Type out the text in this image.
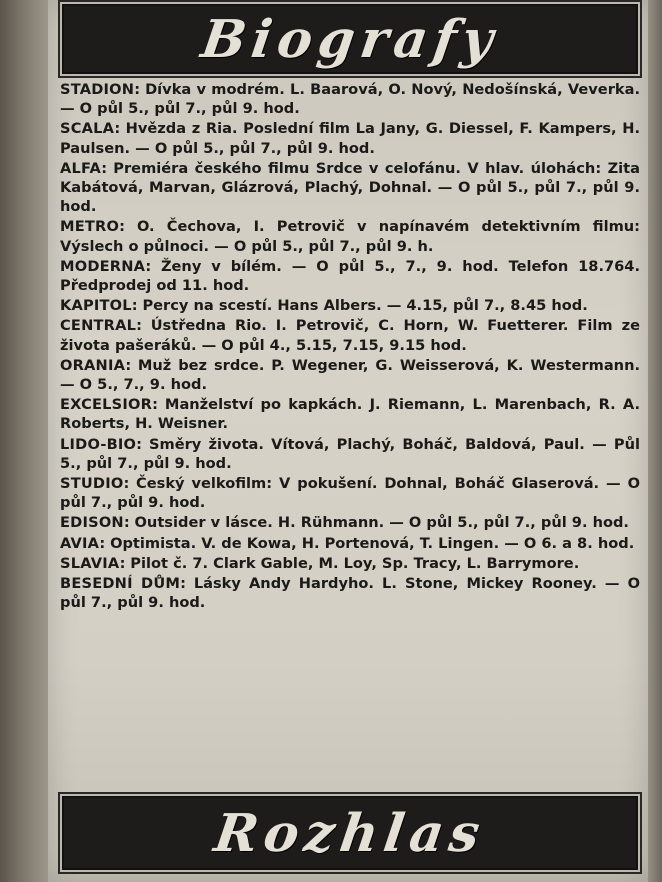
Biografy

STADION: Dívka v modrém. L. Baarová, O. Nový, Nedošínská, Veverka. — O půl 5., půl 7., půl 9. hod.

SCALA: Hvězda z Ria. Poslední film La Jany, G. Diessel, F. Kampers, H. Paulsen. — O půl 5., půl 7., půl 9. hod.

ALFA: Premiéra českého filmu Srdce v celofánu. V hlav. úlohách: Zita Kabátová, Marvan, Glázrová, Plachý, Dohnal. — O půl 5., půl 7., půl 9. hod.

METRO: O. Čechova, I. Petrovič v napínavém detektivním filmu: Výslech o půlnoci. — O půl 5., půl 7., půl 9. h.

MODERNA: Ženy v bílém. — O půl 5., 7., 9. hod. Telefon 18.764. Předprodej od 11. hod.

KAPITOL: Percy na scestí. Hans Albers. — 4.15, půl 7., 8.45 hod.

CENTRAL: Ústředna Rio. I. Petrovič, C. Horn, W. Fuetterer. Film ze života pašeráků. — O půl 4., 5.15, 7.15, 9.15 hod.

ORANIA: Muž bez srdce. P. Wegener, G. Weisserová, K. Westermann. — O 5., 7., 9. hod.

EXCELSIOR: Manželství po kapkách. J. Riemann, L. Marenbach, R. A. Roberts, H. Weisner.

LIDO-BIO: Směry života. Vítová, Plachý, Boháč, Baldová, Paul. — Půl 5., půl 7., půl 9. hod.

STUDIO: Český velkofilm: V pokušení. Dohnal, Boháč Glaserová. — O půl 7., půl 9. hod.

EDISON: Outsider v lásce. H. Rühmann. — O půl 5., půl 7., půl 9. hod.

AVIA: Optimista. V. de Kowa, H. Portenová, T. Lingen. — O 6. a 8. hod.

SLAVIA: Pilot č. 7. Clark Gable, M. Loy, Sp. Tracy, L. Barrymore.

BESEDNÍ DŮM: Lásky Andy Hardyho. L. Stone, Mickey Rooney. — O půl 7., půl 9. hod.

Rozhlas
